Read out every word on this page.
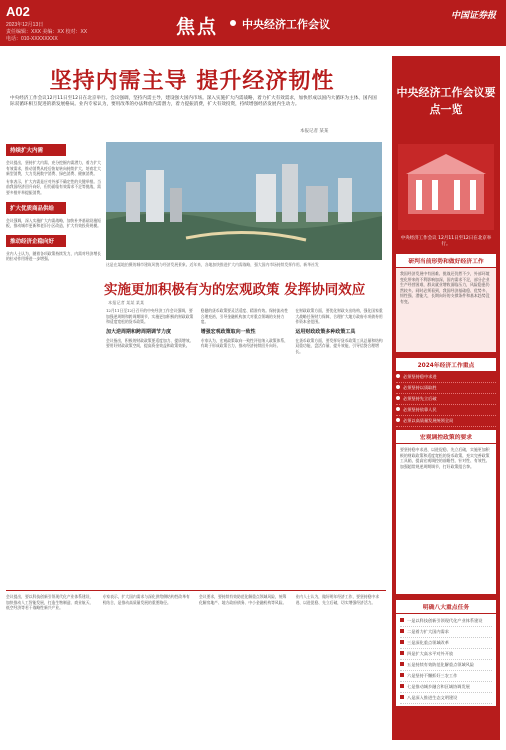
A02
2023年12月13日
责任编辑：XXX 美编：XX 校对：XX
电话：010-XXXXXXXX
焦点 中央经济工作会议
中国证券报
坚持内需主导 提升经济韧性
中央经济工作会议12月11日至12日在北京举行。会议强调，坚持内需主导，建设强大国内市场。深入实施扩大内需战略，着力扩大有效需求，加快形成以国内大循环为主体、国内国际双循环相互促进的新发展格局。业内专家认为，要用改革的办法释放内需潜力，着力提振消费，扩大有效投资，持续增强经济发展内生动力。
本报记者 某某
持续扩大内需

会议提出，坚持扩大内需，充分挖掘内需潜力，着力扩大有效需求，推动消费从疫后恢复转向持续扩大，培育壮大新型消费，大力发展数字消费、绿色消费、健康消费。

专家表示，扩大内需是应对外部不确定性的关键举措。当前我国经济回升向好，但仍面临有效需求不足等挑战，需要多措并举提振消费。

扩大优质商品供给

会议强调，深入实施扩大内需战略，加快补齐基础设施短板，推动城市更新和老旧小区改造，扩大有效投资规模。

推动经济企稳向好

业内人士认为，随着各项政策持续发力，内需对经济增长的拉动作用将进一步增强。

这是在某地拍摄的城市建筑风貌与经济发展景象。近年来，各地加快推进扩大内需战略，强大国内市场持续发挥作用。新华社发
实施更加积极有为的宏观政策 发挥协同效应
本报记者 某某 某某

12月11日至12日召开的中央经济工作会议强调，要加强逆周期和跨周期调节，实施更加积极的财政政策和适度宽松的货币政策。

加大逆周期和跨周期调节力度

会议指出，积极的财政政策要适度加力、提质增效。要用好财政政策空间，提高资金效益和政策效果。

稳健的货币政策要灵活适度、精准有效。保持流动性合理充裕，引导金融机构加大对重点领域的支持力度。

增强宏观政策取向一致性

专家认为，宏观政策取向一致性评估纳入政策体系，有助于形成政策合力，推动经济持续回升向好。

在财政政策方面，要优化财政支出结构，强化国家重大战略任务财力保障，合理扩大地方政府专项债券用作资本金范围。

运用财政政策多种政策工具

在货币政策方面，要发挥好货币政策工具总量和结构双重功能，盘活存量、提升效能，引导信贷合理增长。

会议提出，要以科技创新引领现代化产业体系建设，加快推动人工智能发展，打造生物制造、商业航天、低空经济等若干战略性新兴产业。
专家表示，扩大国内需求与深化供给侧结构性改革有机结合，是推动高质量发展的重要路径。
会议要求，要持续有效防范化解重点领域风险，统筹化解房地产、地方政府债务、中小金融机构等风险。
业内人士认为，做好明年经济工作，要坚持稳中求进、以进促稳、先立后破，切实增强经济活力。
中央经济工作会议要点一览
中央经济工作会议 12月11日至12日在北京举行。
研判当前形势和做好经济工作
我国经济发展中有困难、挑战还仍然不少，外部环境变化带来的不利影响加深，国内需求不足，部分企业生产经营困难，群众就业增收面临压力，风险隐患仍然较多。同时必须看到，我国经济基础稳、优势多、韧性强、潜能大，长期向好的支撑条件和基本趋势没有变。
2024年经济工作重点
必须坚持稳中求进
必须坚持以质取胜
必须坚持先立后破
必须坚持依靠人民
必须以高质量发展统领全局
宏观调控政策的要求
要坚持稳中求进、以进促稳、先立后破，实施更加积极的财政政策和适度宽松的货币政策，充实完善政策工具箱，提高宏观调控的前瞻性、针对性、有效性。加强超常规逆周期调节，打好政策组合拳。
明确八大重点任务
一是以科技创新引领现代化产业体系建设
二是着力扩大国内需求
三是深化重点领域改革
四是扩大高水平对外开放
五是持续有效防范化解重点领域风险
六是坚持不懈抓好三农工作
七是推动城乡融合和区域协调发展
八是深入推进生态文明建设
